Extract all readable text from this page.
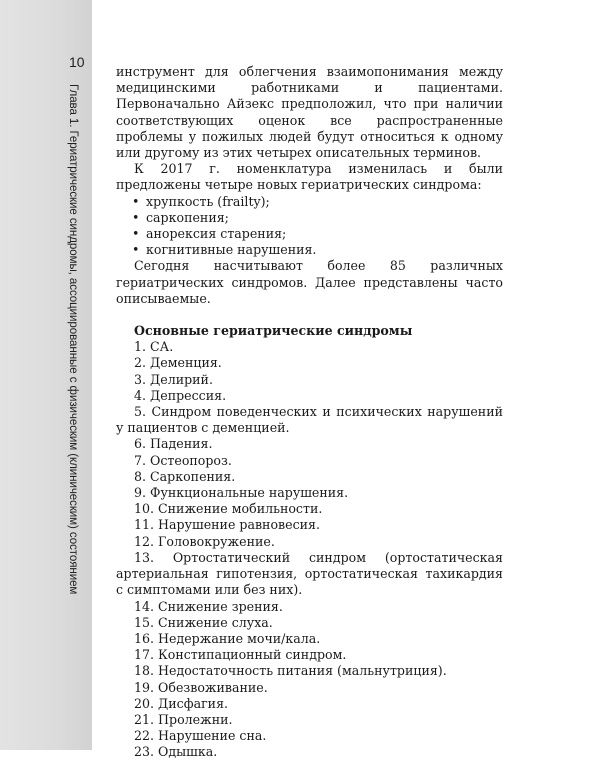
10
Глава 1. Гериатрические синдромы, ассоциированные с физическим (клиническим) состоянием

инструмент для облегчения взаимопонимания между медицинскими работниками и пациентами. Первоначально Айзекс предположил, что при наличии соответствующих оценок все распространенные проблемы у пожилых людей будут относиться к одному или другому из этих четырех описательных терминов.

К 2017 г. номенклатура изменилась и были предложены четыре новых гериатрических синдрома:

• хрупкость (frailty);
• саркопения;
• анорексия старения;
• когнитивные нарушения.

Сегодня насчитывают более 85 различных гериатрических синдромов. Далее представлены часто описываемые.

Основные гериатрические синдромы
1. СА.
2. Деменция.
3. Делирий.
4. Депрессия.
5. Синдром поведенческих и психических нарушений у пациентов с деменцией.
6. Падения.
7. Остеопороз.
8. Саркопения.
9. Функциональные нарушения.
10. Снижение мобильности.
11. Нарушение равновесия.
12. Головокружение.
13. Ортостатический синдром (ортостатическая артериальная гипотензия, ортостатическая тахикардия с симптомами или без них).
14. Снижение зрения.
15. Снижение слуха.
16. Недержание мочи/кала.
17. Констипационный синдром.
18. Недостаточность питания (мальнутриция).
19. Обезвоживание.
20. Дисфагия.
21. Пролежни.
22. Нарушение сна.
23. Одышка.
